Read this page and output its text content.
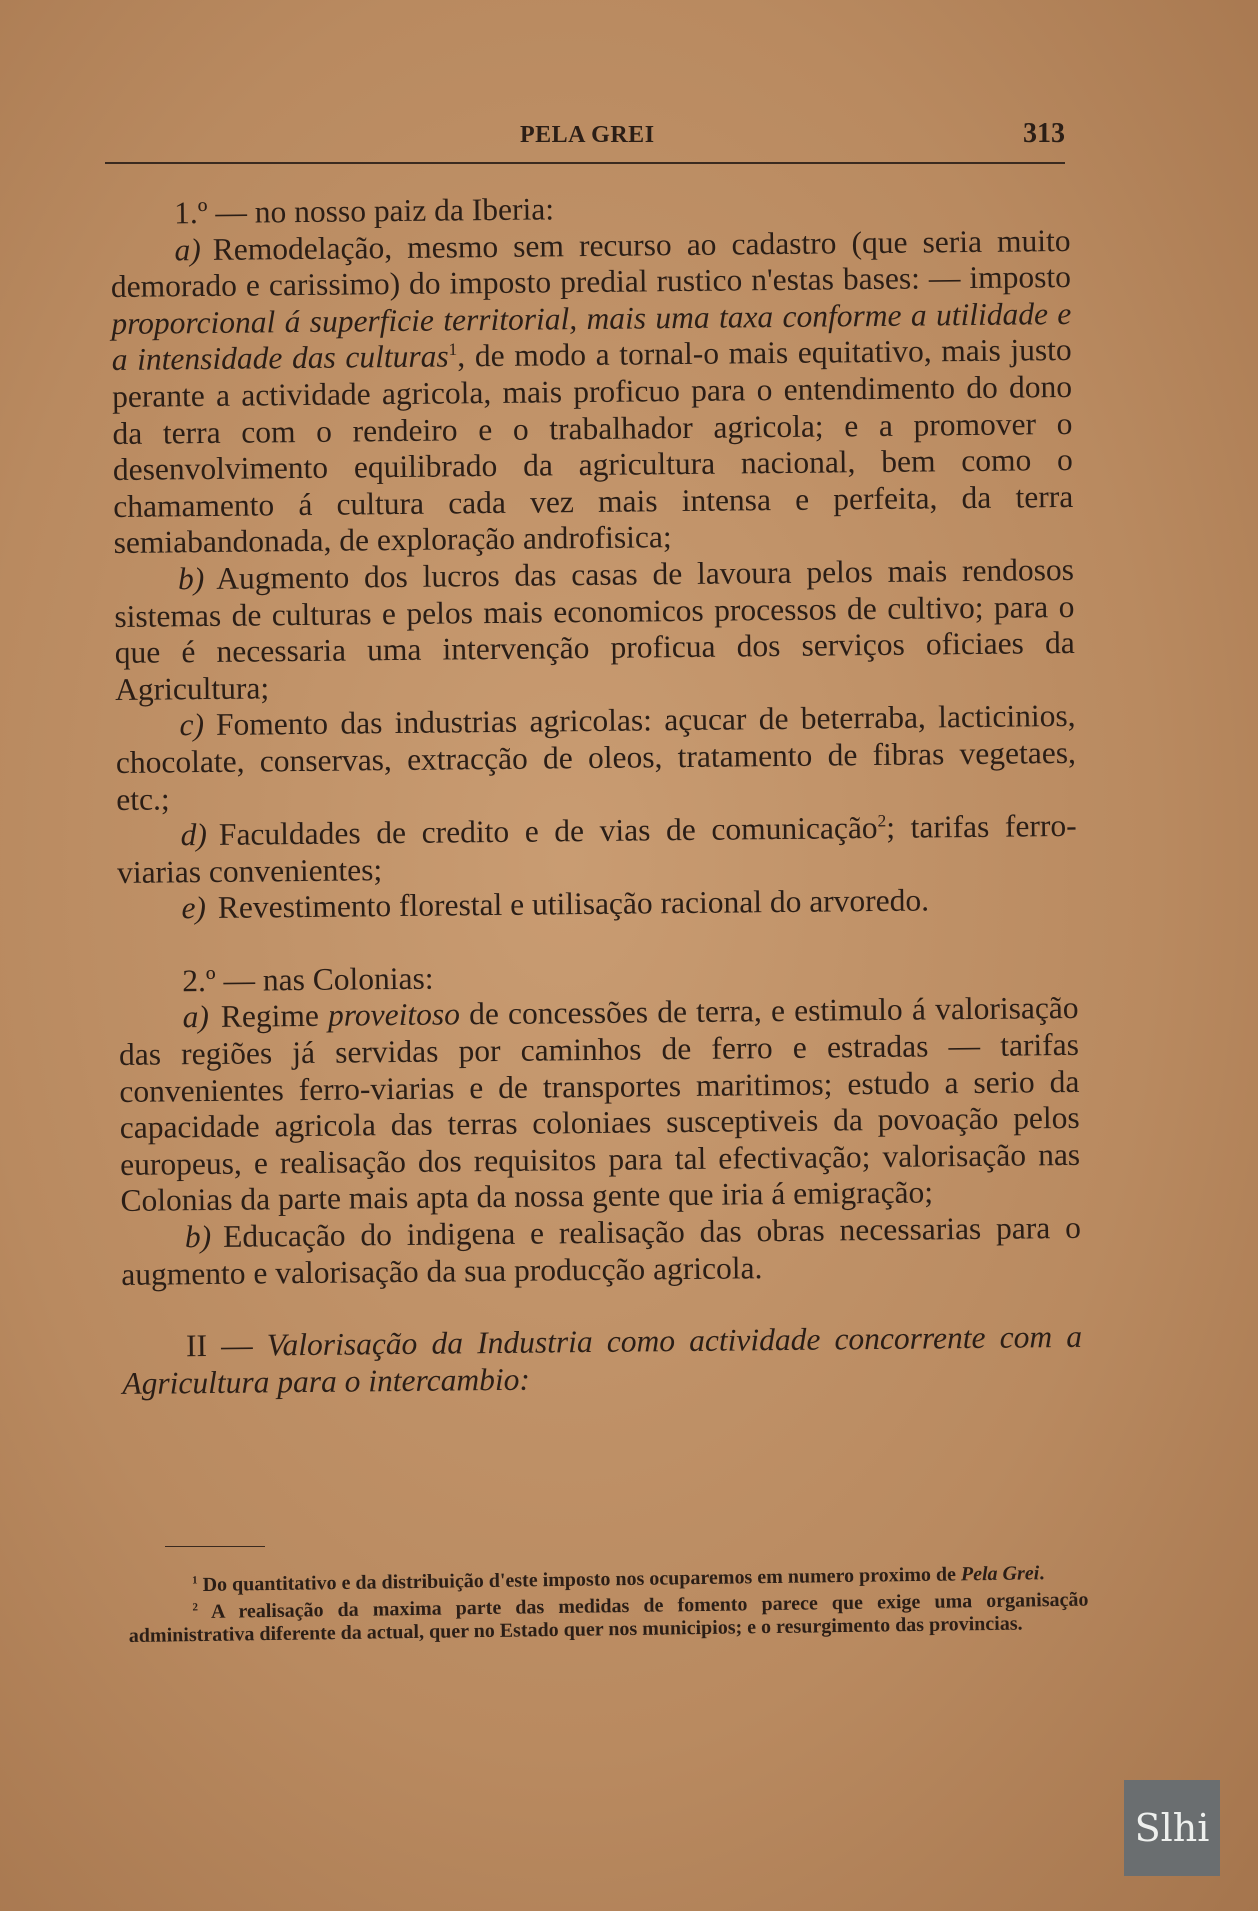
PELA GREI	313

1.º — no nosso paiz da Iberia:

a) Remodelação, mesmo sem recurso ao cadastro (que seria muito demorado e carissimo) do imposto predial rustico n'estas bases: — imposto proporcional á superficie territorial, mais uma taxa conforme a utilidade e a intensidade das culturas$^1$, de modo a tornal-o mais equitativo, mais justo perante a actividade agricola, mais proficuo para o entendimento do dono da terra com o rendeiro e o trabalhador agricola; e a promover o desenvolvimento equilibrado da agricultura nacional, bem como o chamamento á cultura cada vez mais intensa e perfeita, da terra semiabandonada, de exploração androfisica;

b) Augmento dos lucros das casas de lavoura pelos mais rendosos sistemas de culturas e pelos mais economicos processos de cultivo; para o que é necessaria uma intervenção proficua dos serviços oficiaes da Agricultura;

c) Fomento das industrias agricolas: açucar de beterraba, lacticinios, chocolate, conservas, extracção de oleos, tratamento de fibras vegetaes, etc.;

d) Faculdades de credito e de vias de comunicação$^2$; tarifas ferro-viarias convenientes;

e) Revestimento florestal e utilisação racional do arvoredo.

2.º — nas Colonias:

a) Regime proveitoso de concessões de terra, e estimulo á valorisação das regiões já servidas por caminhos de ferro e estradas — tarifas convenientes ferro-viarias e de transportes maritimos; estudo a serio da capacidade agricola das terras coloniaes susceptiveis da povoação pelos europeus, e realisação dos requisitos para tal efectivação; valorisação nas Colonias da parte mais apta da nossa gente que iria á emigração;

b) Educação do indigena e realisação das obras necessarias para o augmento e valorisação da sua producção agricola.

II — Valorisação da Industria como actividade concorrente com a Agricultura para o intercambio:

$^1$ Do quantitativo e da distribuição d'este imposto nos ocuparemos em numero proximo de Pela Grei.

$^2$ A realisação da maxima parte das medidas de fomento parece que exige uma organisação administrativa diferente da actual, quer no Estado quer nos municipios; e o resurgimento das provincias.

Slhi
